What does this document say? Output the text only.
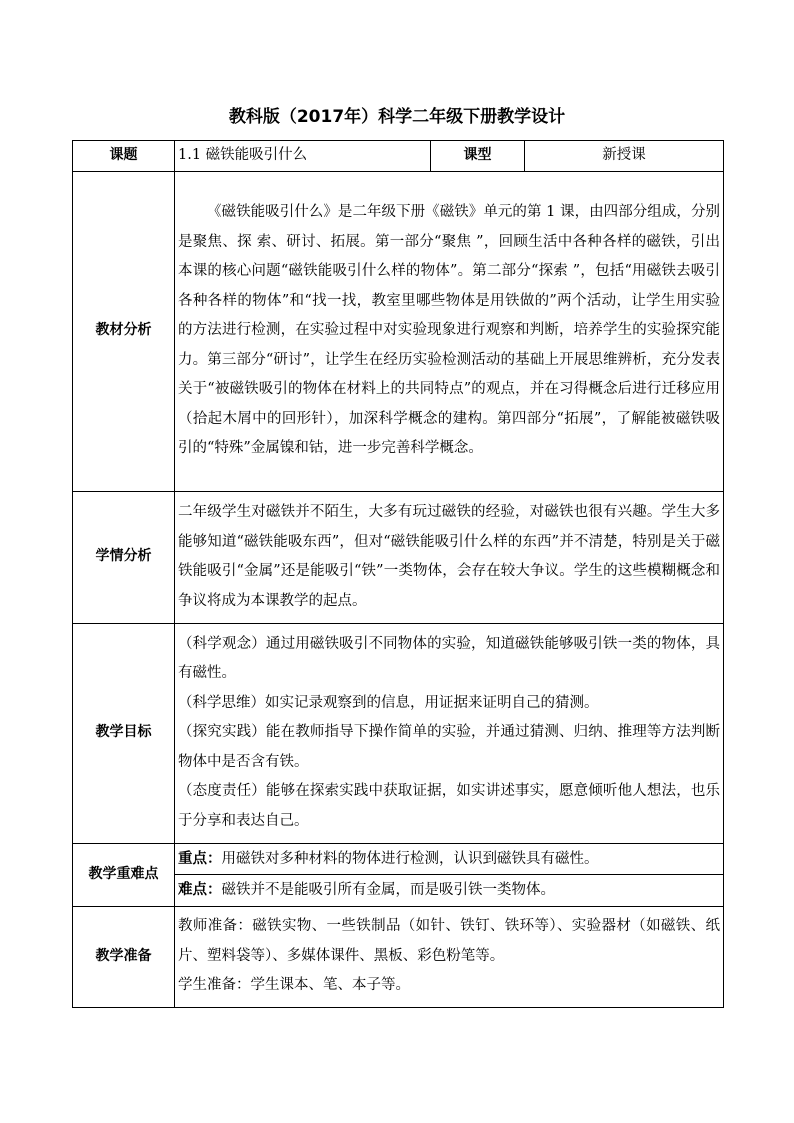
教科版（2017年）科学二年级下册教学设计
课题	1.1 磁铁能吸引什么	课型	新授课
教材分析	《磁铁能吸引什么》是二年级下册《磁铁》单元的第 1 课，由四部分组成，分别是聚焦、探 索、研讨、拓展。第一部分“聚焦 ”，回顾生活中各种各样的磁铁，引出本课的核心问题“磁铁能吸引什么样的物体”。第二部分“探索 ”，包括“用磁铁去吸引各种各样的物体”和“找一找，教室里哪些物体是用铁做的”两个活动，让学生用实验的方法进行检测，在实验过程中对实验现象进行观察和判断，培养学生的实验探究能力。第三部分“研讨”，让学生在经历实验检测活动的基础上开展思维辨析，充分发表关于“被磁铁吸引的物体在材料上的共同特点”的观点，并在习得概念后进行迁移应用（拾起木屑中的回形针），加深科学概念的建构。第四部分“拓展”，了解能被磁铁吸引的“特殊”金属镍和钴，进一步完善科学概念。		

学情分析	二年级学生对磁铁并不陌生，大多有玩过磁铁的经验，对磁铁也很有兴趣。学生大多能够知道“磁铁能吸东西”，但对“磁铁能吸引什么样的东西”并不清楚，特别是关于磁铁能吸引“金属”还是能吸引“铁”一类物体，会存在较大争议。学生的这些模糊概念和争议将成为本课教学的起点。		

教学目标	（科学观念）通过用磁铁吸引不同物体的实验，知道磁铁能够吸引铁一类的物体，具有磁性。

（科学思维）如实记录观察到的信息，用证据来证明自己的猜测。

（探究实践）能在教师指导下操作简单的实验，并通过猜测、归纳、推理等方法判断物体中是否含有铁。

（态度责任）能够在探索实践中获取证据，如实讲述事实，愿意倾听他人想法，也乐于分享和表达自己。		

教学重难点	重点：用磁铁对多种材料的物体进行检测，认识到磁铁具有磁性。		
	难点：磁铁并不是能吸引所有金属，而是吸引铁一类物体。		
教学准备	教师准备：磁铁实物、一些铁制品（如针、铁钉、铁环等）、实验器材（如磁铁、纸片、塑料袋等）、多媒体课件、黑板、彩色粉笔等。

学生准备：学生课本、笔、本子等。		
